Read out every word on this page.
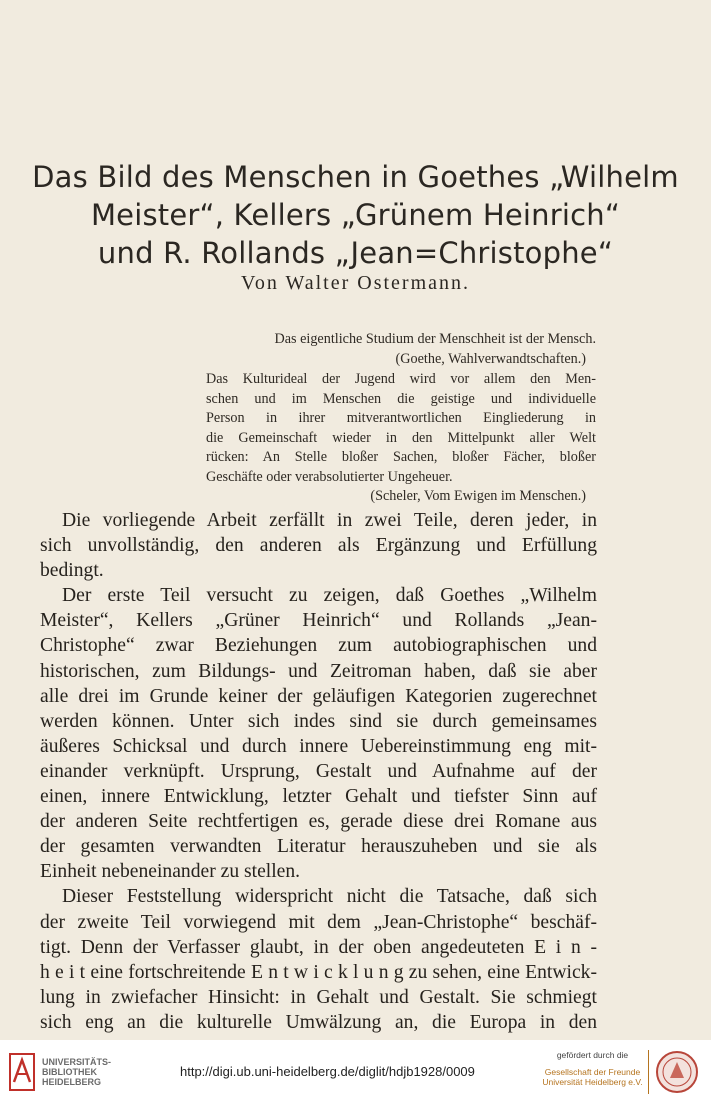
Das Bild des Menschen in Goethes „Wilhelm
Meister“, Kellers „Grünem Heinrich“
und R. Rollands „Jean=Christophe“
Von Walter Ostermann.
Das eigentliche Studium der Menschheit ist der Mensch.
(Goethe, Wahlverwandtschaften.)
Das Kulturideal der Jugend wird vor allem den Men-
schen und im Menschen die geistige und individuelle
Person in ihrer mitverantwortlichen Eingliederung in
die Gemeinschaft wieder in den Mittelpunkt aller Welt
rücken: An Stelle bloßer Sachen, bloßer Fächer, bloßer
Geschäfte oder verabsolutierter Ungeheuer.
(Scheler, Vom Ewigen im Menschen.)
Die vorliegende Arbeit zerfällt in zwei Teile, deren jeder, in
sich unvollständig, den anderen als Ergänzung und Erfüllung
bedingt.
Der erste Teil versucht zu zeigen, daß Goethes „Wilhelm
Meister“, Kellers „Grüner Heinrich“ und Rollands „Jean-
Christophe“ zwar Beziehungen zum autobiographischen und
historischen, zum Bildungs- und Zeitroman haben, daß sie aber
alle drei im Grunde keiner der geläufigen Kategorien zugerechnet
werden können. Unter sich indes sind sie durch gemeinsames
äußeres Schicksal und durch innere Uebereinstimmung eng mit-
einander verknüpft. Ursprung, Gestalt und Aufnahme auf der
einen, innere Entwicklung, letzter Gehalt und tiefster Sinn auf
der anderen Seite rechtfertigen es, gerade diese drei Romane aus
der gesamten verwandten Literatur herauszuheben und sie als
Einheit nebeneinander zu stellen.
Dieser Feststellung widerspricht nicht die Tatsache, daß sich
der zweite Teil vorwiegend mit dem „Jean-Christophe“ beschäf-
tigt. Denn der Verfasser glaubt, in der oben angedeuteten E i n -
h e i t eine fortschreitende E n t w i c k l u n g zu sehen, eine Entwick-
lung in zwiefacher Hinsicht: in Gehalt und Gestalt. Sie schmiegt
sich eng an die kulturelle Umwälzung an, die Europa in den
UNIVERSITÄTS-
BIBLIOTHEK
HEIDELBERG
http://digi.ub.uni-heidelberg.de/diglit/hdjb1928/0009
gefördert durch die
Gesellschaft der Freunde
Universität Heidelberg e.V.
